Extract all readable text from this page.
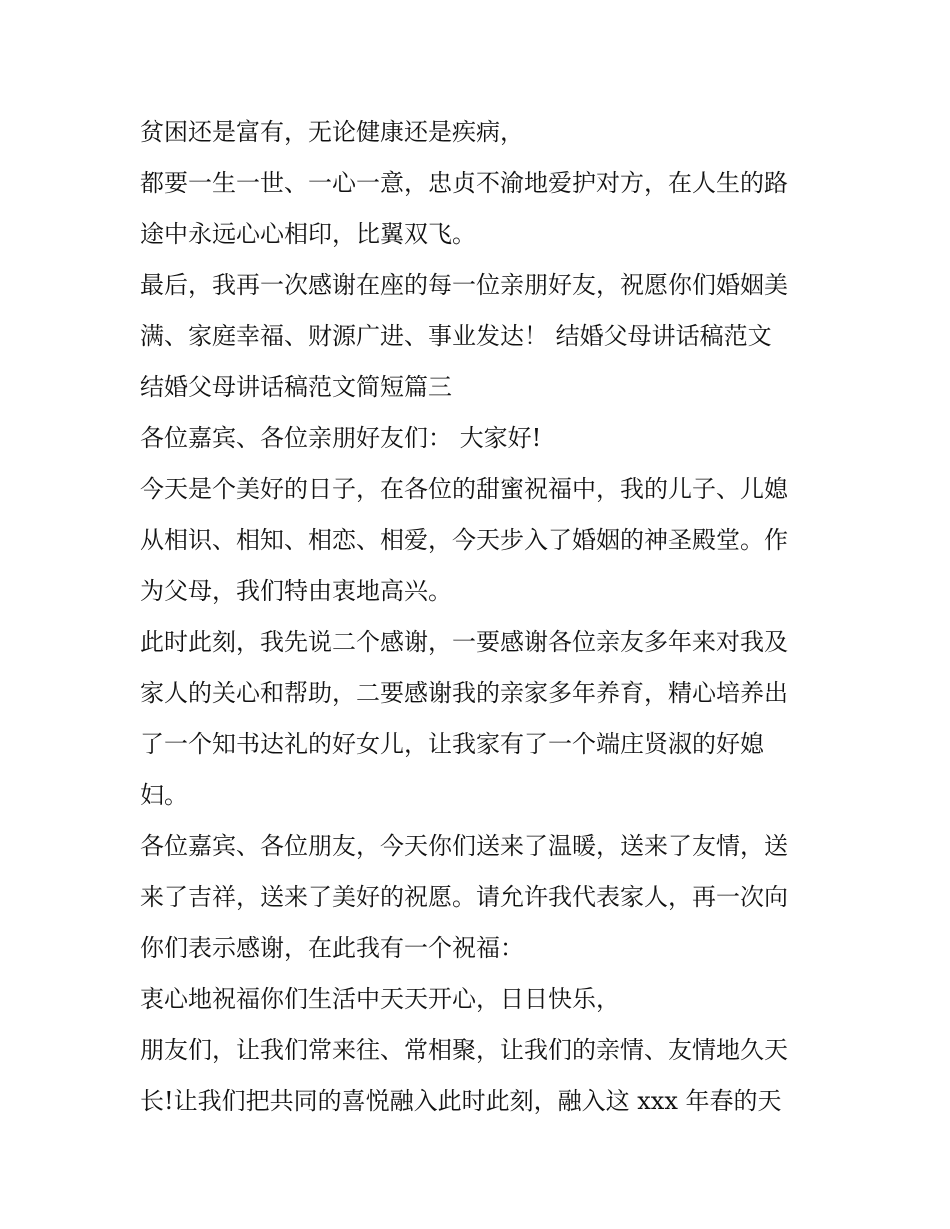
贫困还是富有，无论健康还是疾病，
都要一生一世、一心一意，忠贞不渝地爱护对方，在人生的路
途中永远心心相印，比翼双飞。
最后，我再一次感谢在座的每一位亲朋好友，祝愿你们婚姻美
满、家庭幸福、财源广进、事业发达！ 结婚父母讲话稿范文
结婚父母讲话稿范文简短篇三
各位嘉宾、各位亲朋好友们： 大家好!
今天是个美好的日子，在各位的甜蜜祝福中，我的儿子、儿媳
从相识、相知、相恋、相爱，今天步入了婚姻的神圣殿堂。作
为父母，我们特由衷地高兴。
此时此刻，我先说二个感谢，一要感谢各位亲友多年来对我及
家人的关心和帮助，二要感谢我的亲家多年养育，精心培养出
了一个知书达礼的好女儿，让我家有了一个端庄贤淑的好媳
妇。
各位嘉宾、各位朋友，今天你们送来了温暖，送来了友情，送
来了吉祥，送来了美好的祝愿。请允许我代表家人，再一次向
你们表示感谢，在此我有一个祝福：
衷心地祝福你们生活中天天开心，日日快乐，
朋友们，让我们常来往、常相聚，让我们的亲情、友情地久天
长!让我们把共同的喜悦融入此时此刻，融入这 xxx 年春的天
